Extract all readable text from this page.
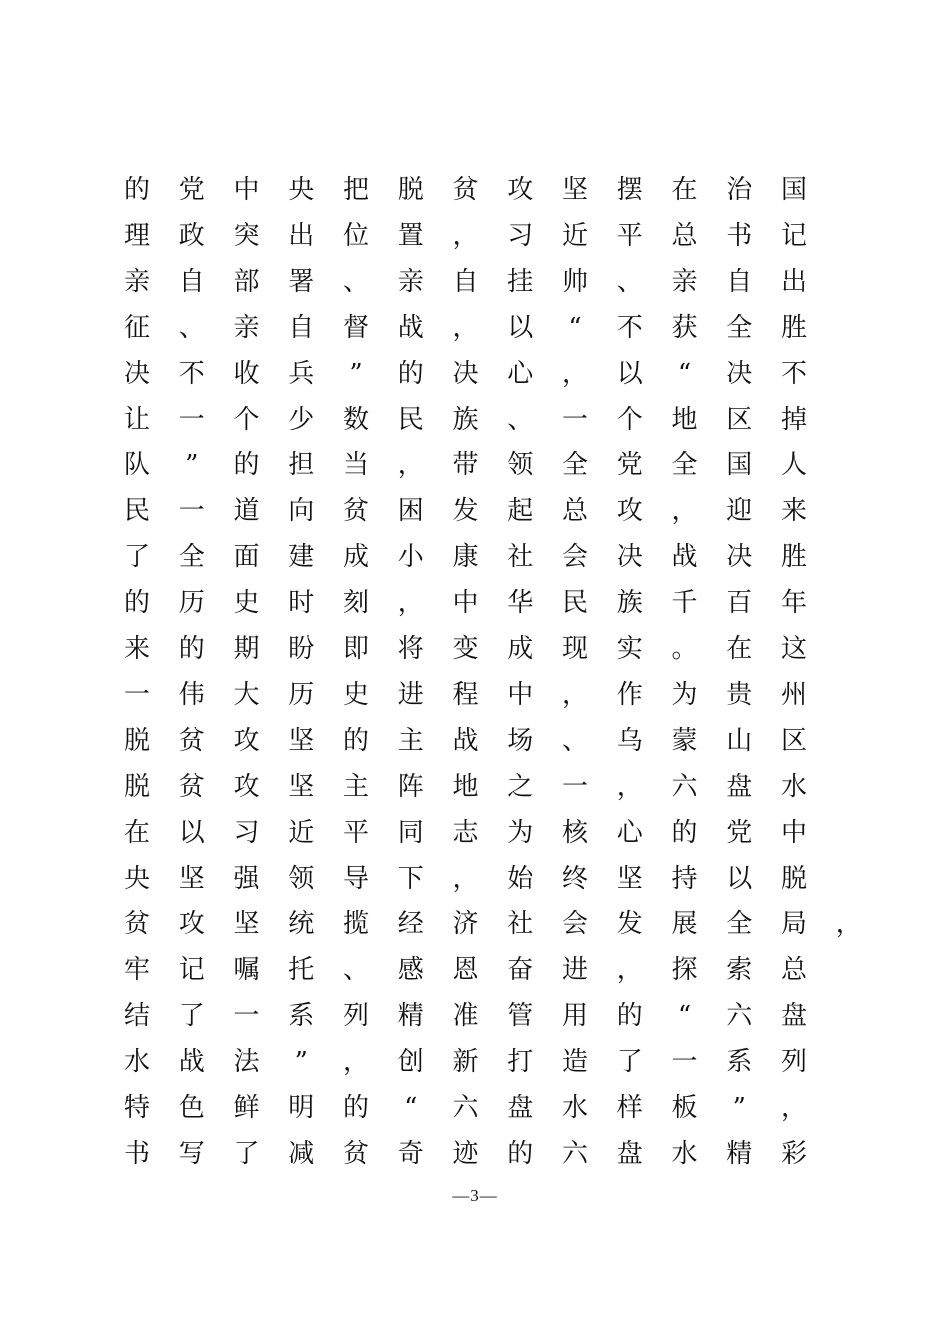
的 党 中 央 把 脱 贫 攻 坚 摆 在 治 国
理 政 突 出 位 置 ， 习 近 平 总 书 记
亲 自 部 署 、 亲 自 挂 帅 、 亲 自 出
征 、 亲 自 督 战 ， 以	“	不 获 全 胜
决 不 收 兵	”	的 决 心 ， 以	“	决 不
让 一 个 少 数 民 族 、 一 个 地 区 掉
队	”	的 担 当 ， 带 领 全 党 全 国 人
民 一 道 向 贫 困 发 起 总 攻 ， 迎 来
了 全 面 建 成 小 康 社 会 决 战 决 胜
的 历 史 时 刻 ， 中 华 民 族 千 百 年
来 的 期 盼 即 将 变 成 现 实 。 在 这
一 伟 大 历 史 进 程 中 ， 作 为 贵 州
脱 贫 攻 坚 的 主 战 场 、 乌 蒙 山 区
脱 贫 攻 坚 主 阵 地 之 一 ， 六 盘 水
在 以 习 近 平 同 志 为 核 心 的 党 中
央 坚 强 领 导 下 ， 始 终 坚 持 以 脱
贫 攻 坚 统 揽 经 济 社 会 发 展 全 局 ，
牢 记 嘱 托 、 感 恩 奋 进 ， 探 索 总
结 了 一 系 列 精 准 管 用 的	“	六 盘
水 战 法	”	， 创 新 打 造 了 一 系 列
特 色 鲜 明 的	“	六 盘 水 样 板	”	，
书 写 了 减 贫 奇 迹 的 六 盘 水 精 彩
—3—
